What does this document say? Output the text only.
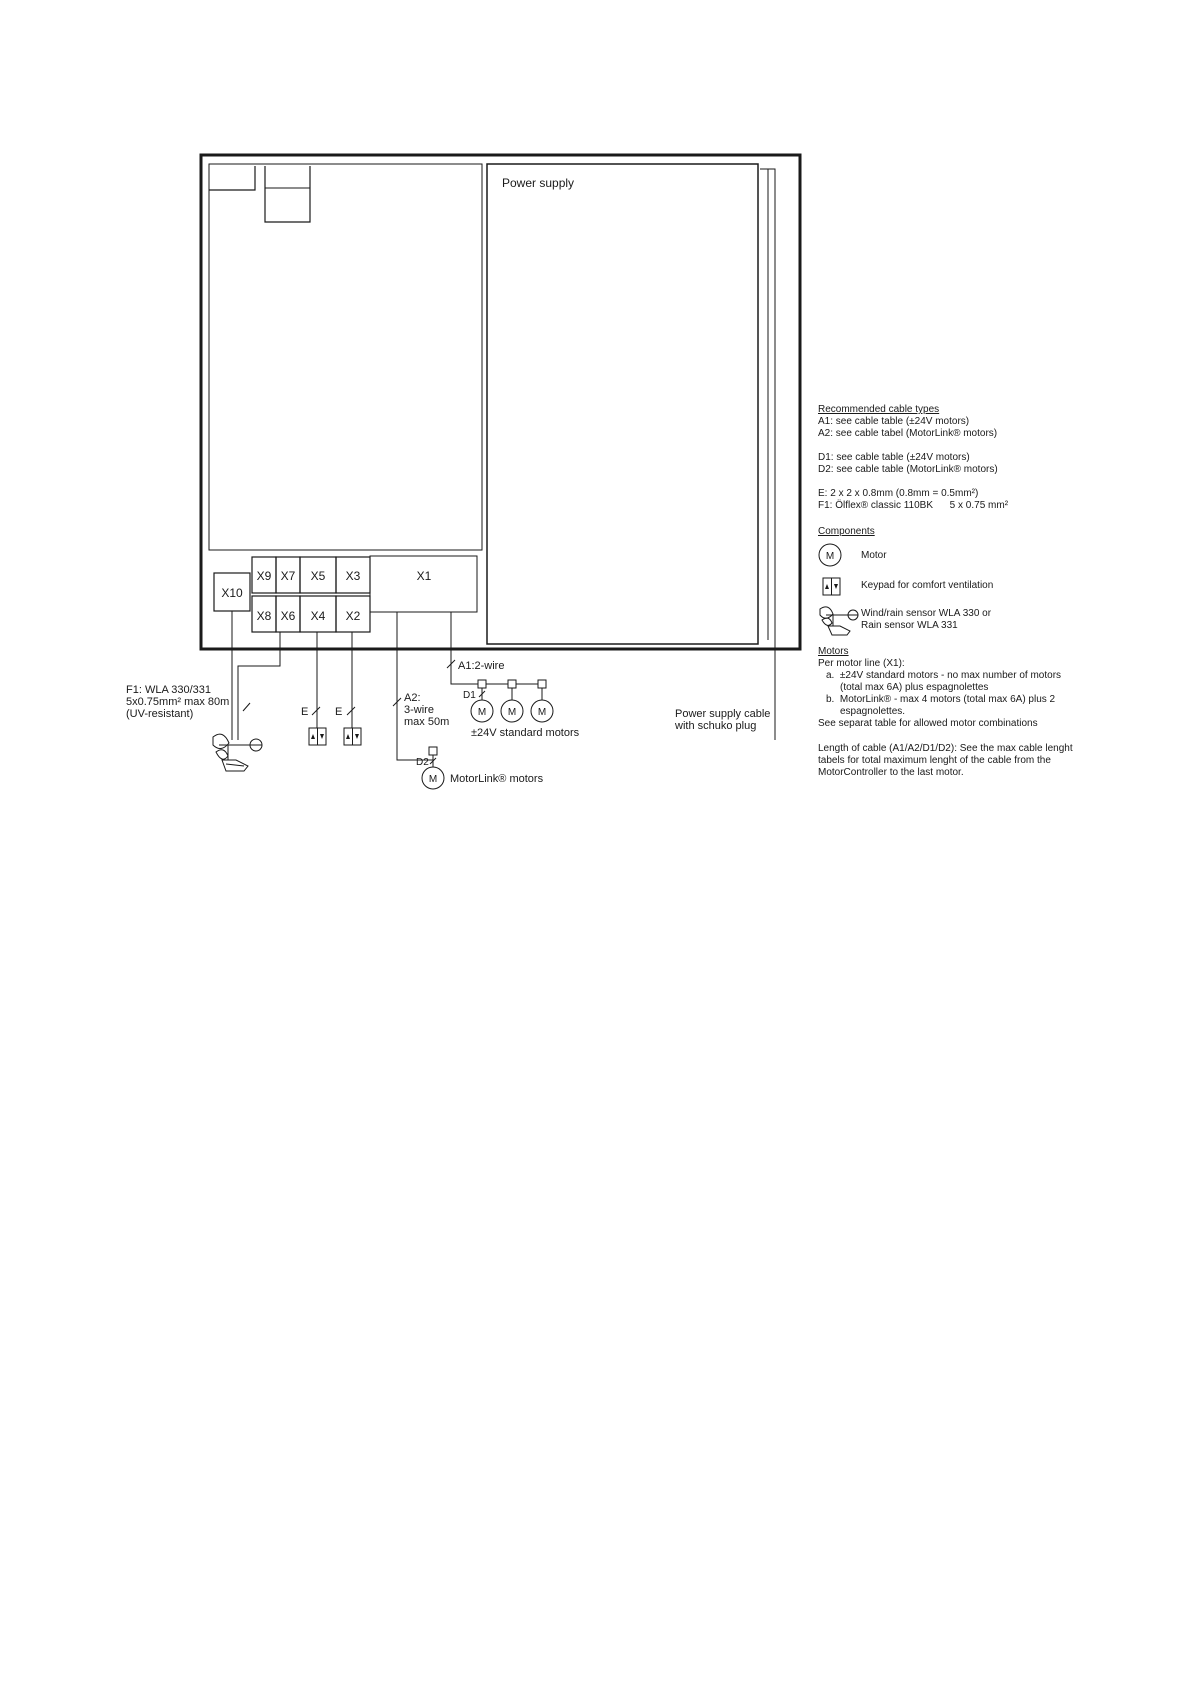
Power supply
X10
X9 X7 X5 X3
X8 X6 X4 X2
X1
F1: WLA 330/331
5x0.75mm² max 80m
(UV-resistant)	E E
A2:
3-wire
max 50m
A1:2-wire
D1
D2
M M M
M
±24V standard motors
MotorLink® motors
Power supply cable
with schuko plug
Recommended cable types
A1: see cable table (±24V motors)
A2: see cable tabel (MotorLink® motors)
D1: see cable table (±24V motors)
D2: see cable table (MotorLink® motors)
E: 2 x 2 x 0.8mm (0.8mm = 0.5mm²)
F1: Ölflex® classic 110BK      5 x 0.75 mm²
Components
M	Motor
Keypad for comfort ventilation
Wind/rain sensor WLA 330 or
Rain sensor WLA 331
Motors
Per motor line (X1):
a.  ±24V standard motors - no max number of motors
(total max 6A) plus espagnolettes
b.  MotorLink® - max 4 motors (total max 6A) plus 2
espagnolettes.
See separat table for allowed motor combinations
Length of cable (A1/A2/D1/D2): See the max cable lenght
tabels for total maximum lenght of the cable from the
MotorController to the last motor.
